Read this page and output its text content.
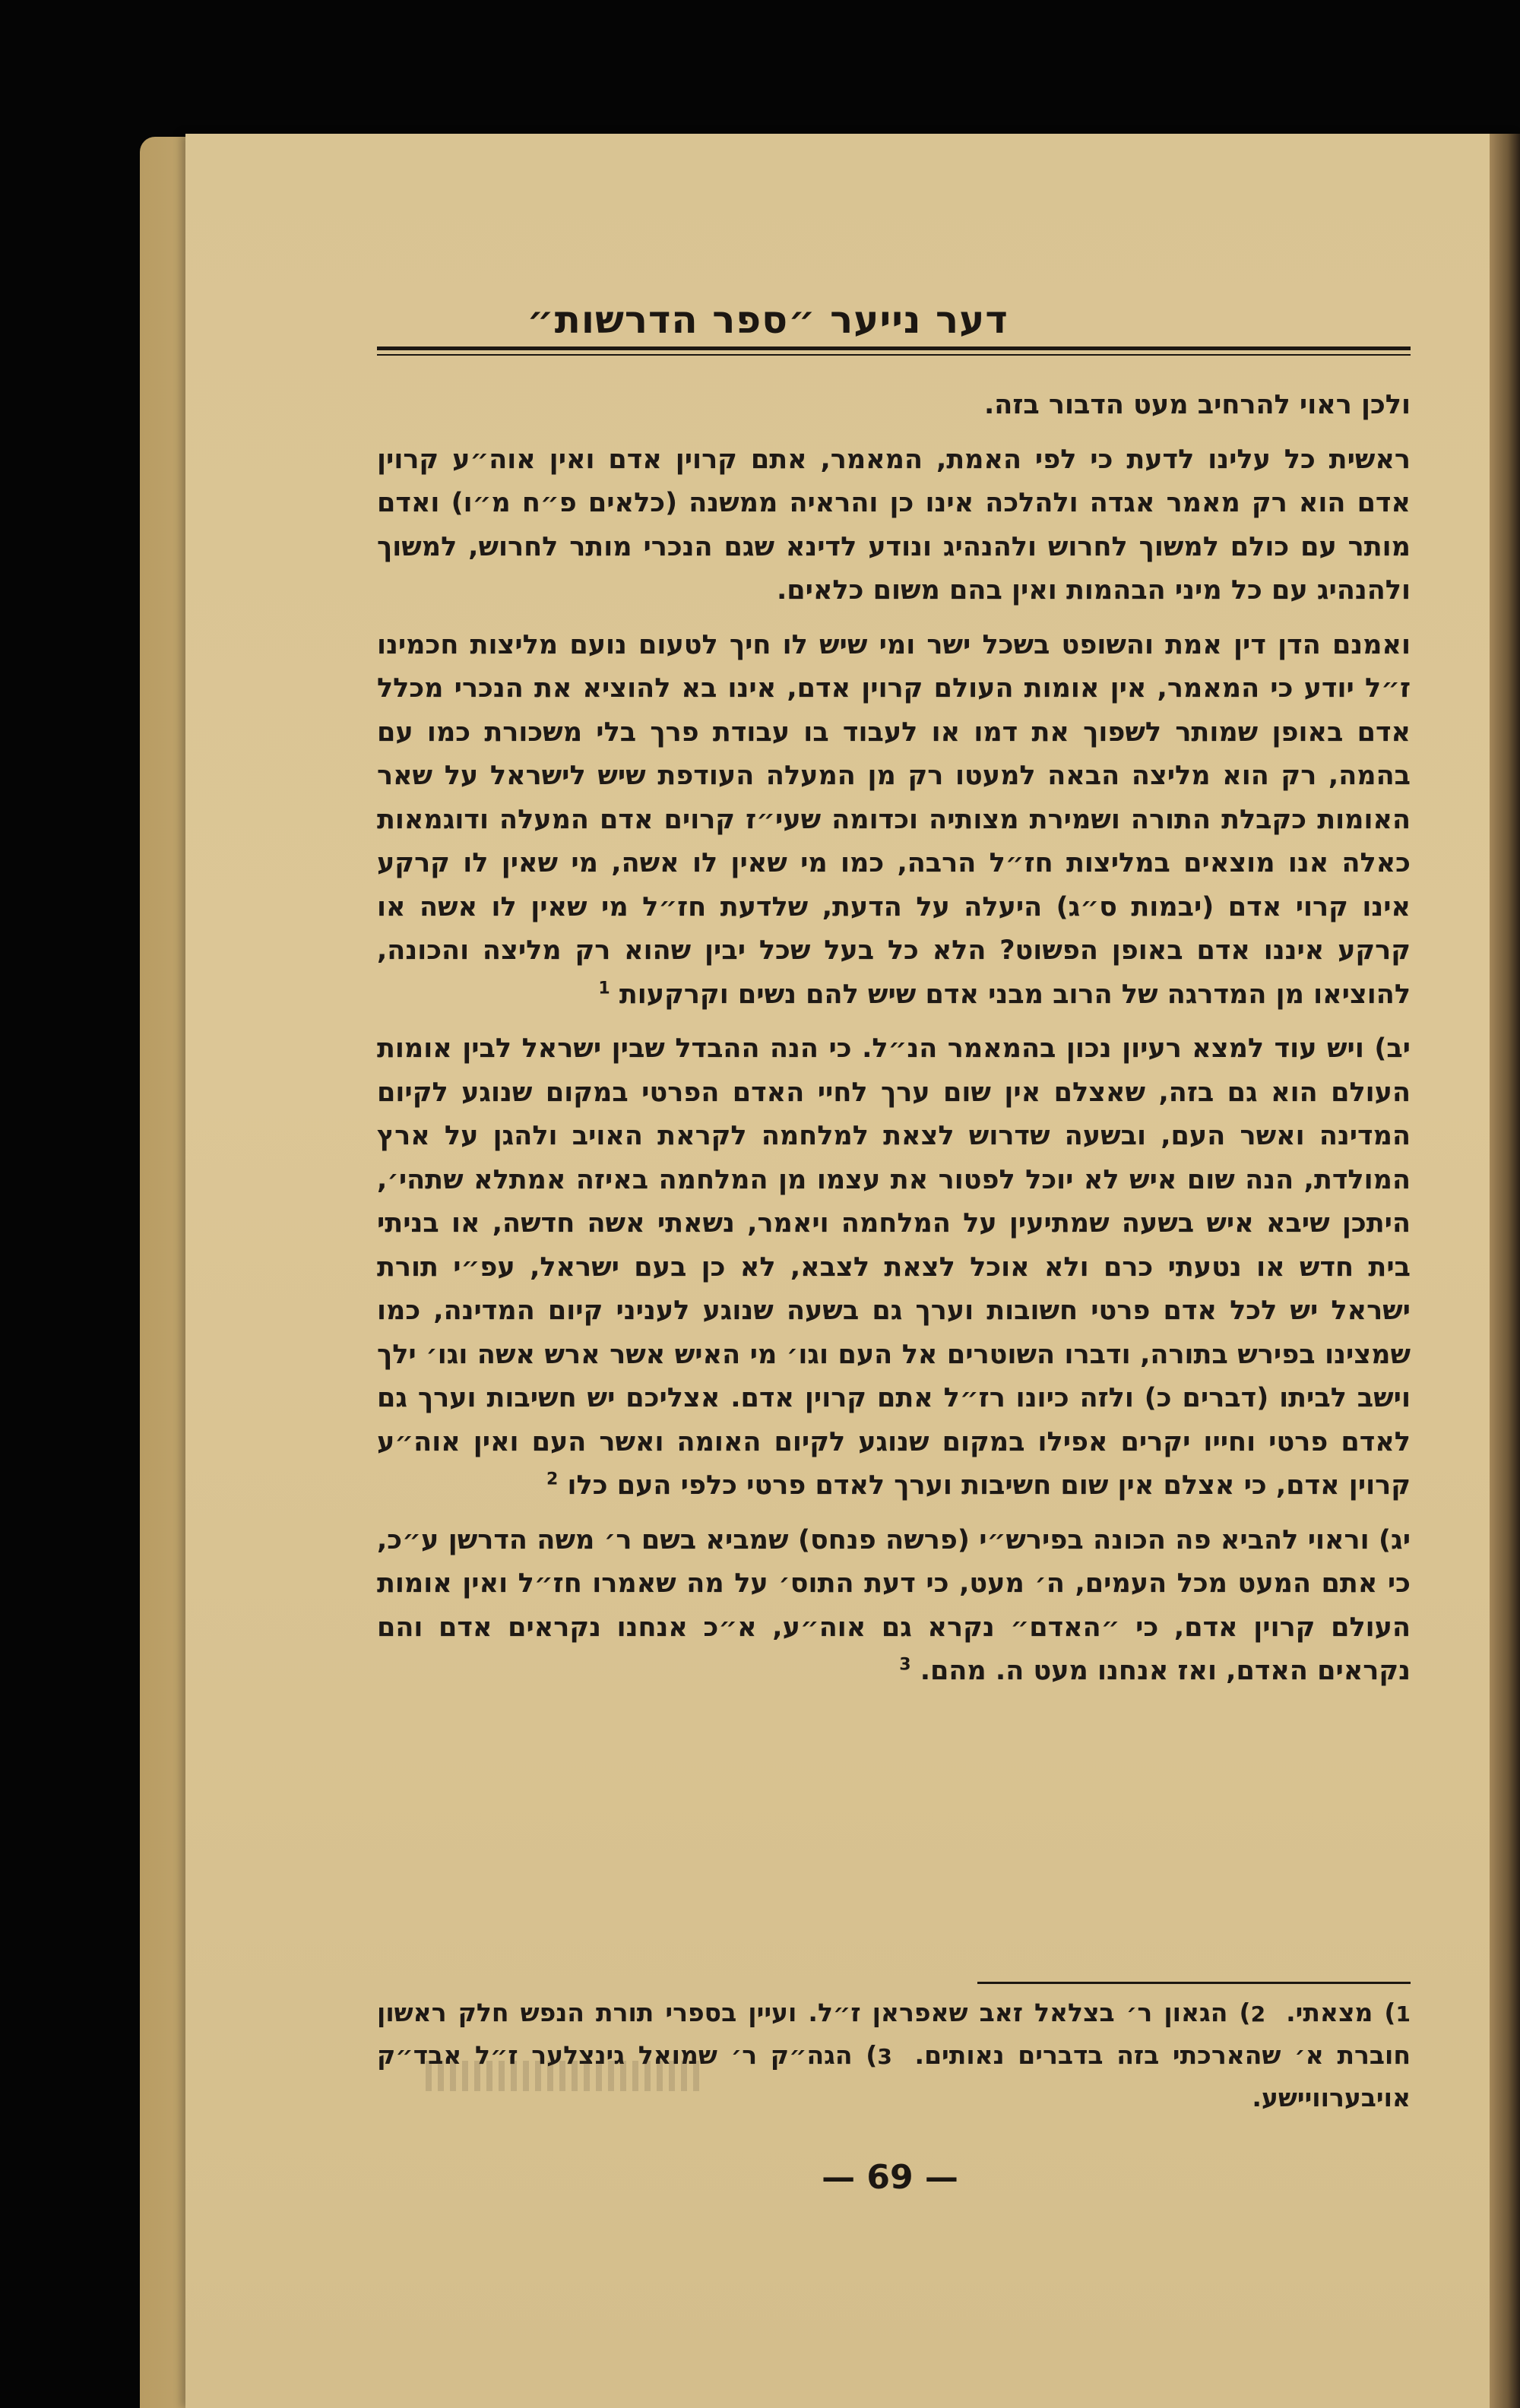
דער נייער ״ספר הדרשות״

ולכן ראוי להרחיב מעט הדבור בזה.

ראשית כל עלינו לדעת כי לפי האמת, המאמר, אתם קרוין אדם ואין אוה״ע קרוין אדם הוא רק מאמר אגדה ולהלכה אינו כן והראיה ממשנה (כלאים פ״ח מ״ו) ואדם מותר עם כולם למשוך לחרוש ולהנהיג ונודע לדינא שגם הנכרי מותר לחרוש, למשוך ולהנהיג עם כל מיני הבהמות ואין בהם משום כלאים.

ואמנם הדן דין אמת והשופט בשכל ישר ומי שיש לו חיך לטעום נועם מליצות חכמינו ז״ל יודע כי המאמר, אין אומות העולם קרוין אדם, אינו בא להוציא את הנכרי מכלל אדם באופן שמותר לשפוך את דמו או לעבוד בו עבודת פרך בלי משכורת כמו עם בהמה, רק הוא מליצה הבאה למעטו רק מן המעלה העודפת שיש לישראל על שאר האומות כקבלת התורה ושמירת מצותיה וכדומה שעי״ז קרוים אדם המעלה ודוגמאות כאלה אנו מוצאים במליצות חז״ל הרבה, כמו מי שאין לו אשה, מי שאין לו קרקע אינו קרוי אדם (יבמות ס״ג) היעלה על הדעת, שלדעת חז״ל מי שאין לו אשה או קרקע איננו אדם באופן הפשוט? הלא כל בעל שכל יבין שהוא רק מליצה והכונה, להוציאו מן המדרגה של הרוב מבני אדם שיש להם נשים וקרקעות $^1$

יב) ויש עוד למצא רעיון נכון בהמאמר הנ״ל. כי הנה ההבדל שבין ישראל לבין אומות העולם הוא גם בזה, שאצלם אין שום ערך לחיי האדם הפרטי במקום שנוגע לקיום המדינה ואשר העם, ובשעה שדרוש לצאת למלחמה לקראת האויב ולהגן על ארץ המולדת, הנה שום איש לא יוכל לפטור את עצמו מן המלחמה באיזה אמתלא שתהי׳, היתכן שיבא איש בשעה שמתיעין על המלחמה ויאמר, נשאתי אשה חדשה, או בניתי בית חדש או נטעתי כרם ולא אוכל לצאת לצבא, לא כן בעם ישראל, עפ״י תורת ישראל יש לכל אדם פרטי חשובות וערך גם בשעה שנוגע לעניני קיום המדינה, כמו שמצינו בפירש בתורה, ודברו השוטרים אל העם וגו׳ מי האיש אשר ארש אשה וגו׳ ילך וישב לביתו (דברים כ) ולזה כיונו רז״ל אתם קרוין אדם. אצליכם יש חשיבות וערך גם לאדם פרטי וחייו יקרים אפילו במקום שנוגע לקיום האומה ואשר העם ואין אוה״ע קרוין אדם, כי אצלם אין שום חשיבות וערך לאדם פרטי כלפי העם כלו $^2$

יג) וראוי להביא פה הכונה בפירש״י (פרשה פנחס) שמביא בשם ר׳ משה הדרשן ע״כ, כי אתם המעט מכל העמים, ה׳ מעט, כי דעת התוס׳ על מה שאמרו חז״ל ואין אומות העולם קרוין אדם, כי ״האדם״ נקרא גם אוה״ע, א״כ אנחנו נקראים אדם והם נקראים האדם, ואז אנחנו מעט ה. מהם. $^3$

1) מצאתי. 2) הגאון ר׳ בצלאל זאב שאפראן ז״ל. ועיין בספרי תורת הנפש חלק ראשון חוברת א׳ שהארכתי בזה בדברים נאותים. 3) הגה״ק ר׳ שמואל גינצלער ז״ל אבד״ק אויבערוויישע.
— 69 —
